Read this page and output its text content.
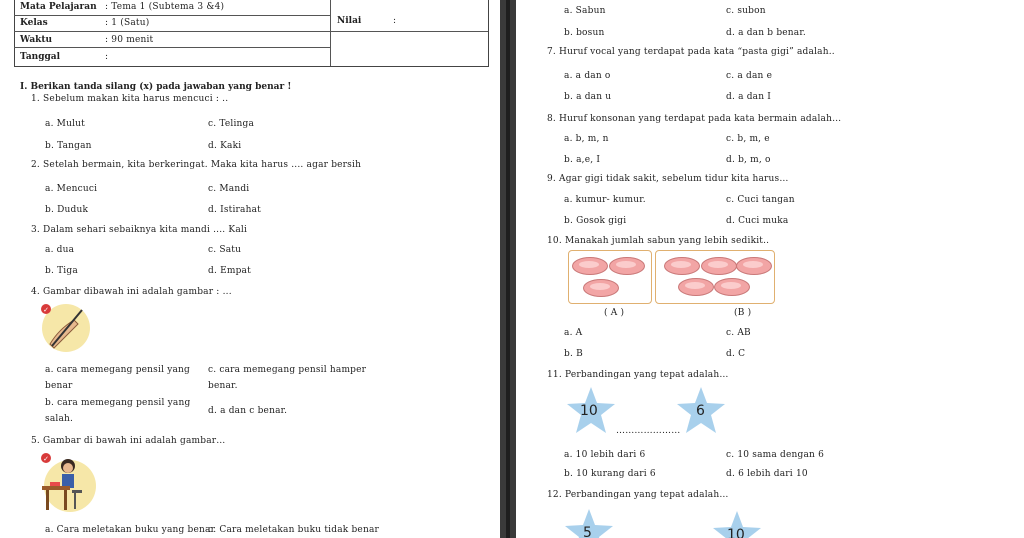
Mata Pelajaran : Tema 1 (Subtema 3 &4)
Kelas	: 1 (Satu)
Waktu	: 90 menit
Tanggal	:
Nilai	:
I. Berikan tanda silang (x) pada jawaban yang benar !
1. Sebelum makan kita harus mencuci : ..
a. Mulut	c. Telinga
b. Tangan	d. Kaki
2. Setelah bermain, kita berkeringat. Maka kita harus .... agar bersih
a. Mencuci	c. Mandi
b. Duduk	d. Istirahat
3. Dalam sehari sebaiknya kita mandi .... Kali
a. dua	c. Satu
b. Tiga	d. Empat
4. Gambar dibawah ini adalah gambar : ...
✓
a. cara memegang pensil yang
benar
c. cara memegang pensil hamper
benar.
b. cara memegang pensil yang
salah.
d. a dan c benar.
5. Gambar di bawah ini adalah gambar…
✓
a. Cara meletakan buku yang benar
c. Cara meletakan buku tidak benar
a. Sabun	c. subon
b. bosun	d. a dan b benar.
7. Huruf vocal yang terdapat pada kata “pasta gigi” adalah..
a. a dan o	c. a dan e
b. a dan u	d. a dan I
8. Huruf konsonan yang terdapat pada kata bermain adalah…
a. b, m, n	c. b, m, e
b. a,e, I	d. b, m, o
9. Agar gigi tidak sakit, sebelum tidur kita harus…
a. kumur- kumur.	c. Cuci tangan
b. Gosok gigi	d. Cuci muka
10. Manakah jumlah sabun yang lebih sedikit..
( A )	(B )
a. A	c. AB
b. B	d. C
11. Perbandingan yang tepat adalah…
10
…………………
6
a. 10 lebih dari 6	c. 10 sama dengan 6
b. 10 kurang dari 6	d. 6 lebih dari 10
12. Perbandingan yang tepat adalah…
5	10
